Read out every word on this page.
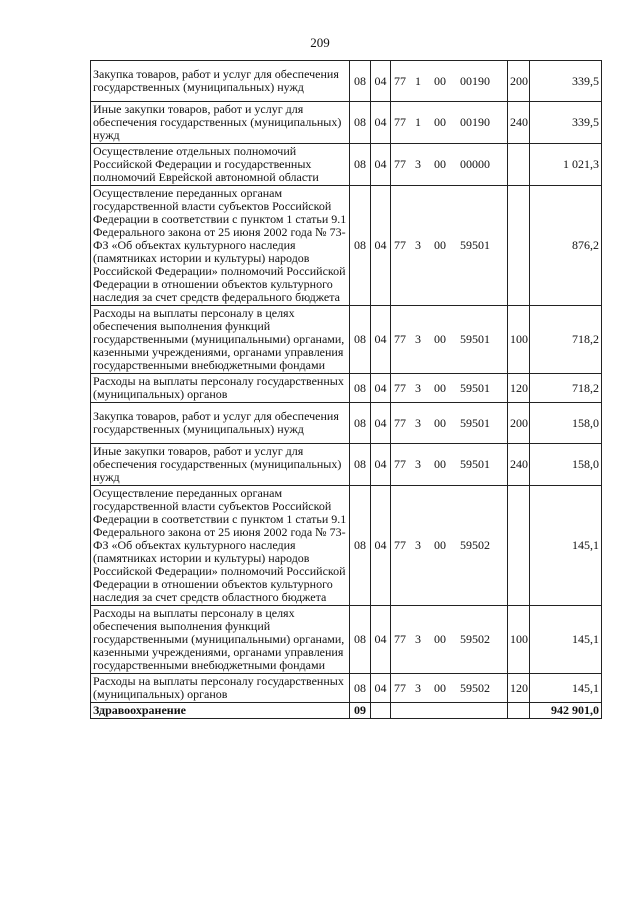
209
Закупка товаров, работ и услуг для обеспечения государственных (муниципальных) нужд	08	04	77 1 00 00190	200	339,5
Иные закупки товаров, работ и услуг для обеспечения государственных (муниципальных) нужд	08	04	77 1 00 00190	240	339,5
Осуществление отдельных полномочий Российской Федерации и государственных полномочий Еврейской автономной области	08	04	77 3 00 00000		1 021,3
Осуществление переданных органам государственной власти субъектов Российской Федерации в соответствии с пунктом 1 статьи 9.1 Федерального закона от 25 июня 2002 года № 73-ФЗ «Об объектах культурного наследия (памятниках истории и культуры) народов Российской Федерации» полномочий Российской Федерации в отношении объектов культурного наследия за счет средств федерального бюджета	08	04	77 3 00 59501		876,2
Расходы на выплаты персоналу в целях обеспечения выполнения функций государственными (муниципальными) органами, казенными учреждениями, органами управления государственными внебюджетными фондами	08	04	77 3 00 59501	100	718,2
Расходы на выплаты персоналу государственных (муниципальных) органов	08	04	77 3 00 59501	120	718,2
Закупка товаров, работ и услуг для обеспечения государственных (муниципальных) нужд	08	04	77 3 00 59501	200	158,0
Иные закупки товаров, работ и услуг для обеспечения государственных (муниципальных) нужд	08	04	77 3 00 59501	240	158,0
Осуществление переданных органам государственной власти субъектов Российской Федерации в соответствии с пунктом 1 статьи 9.1 Федерального закона от 25 июня 2002 года № 73-ФЗ «Об объектах культурного наследия (памятниках истории и культуры) народов Российской Федерации» полномочий Российской Федерации в отношении объектов культурного наследия за счет средств областного бюджета	08	04	77 3 00 59502		145,1
Расходы на выплаты персоналу в целях обеспечения выполнения функций государственными (муниципальными) органами, казенными учреждениями, органами управления государственными внебюджетными фондами	08	04	77 3 00 59502	100	145,1
Расходы на выплаты персоналу государственных (муниципальных) органов	08	04	77 3 00 59502	120	145,1
Здравоохранение	09				942 901,0
